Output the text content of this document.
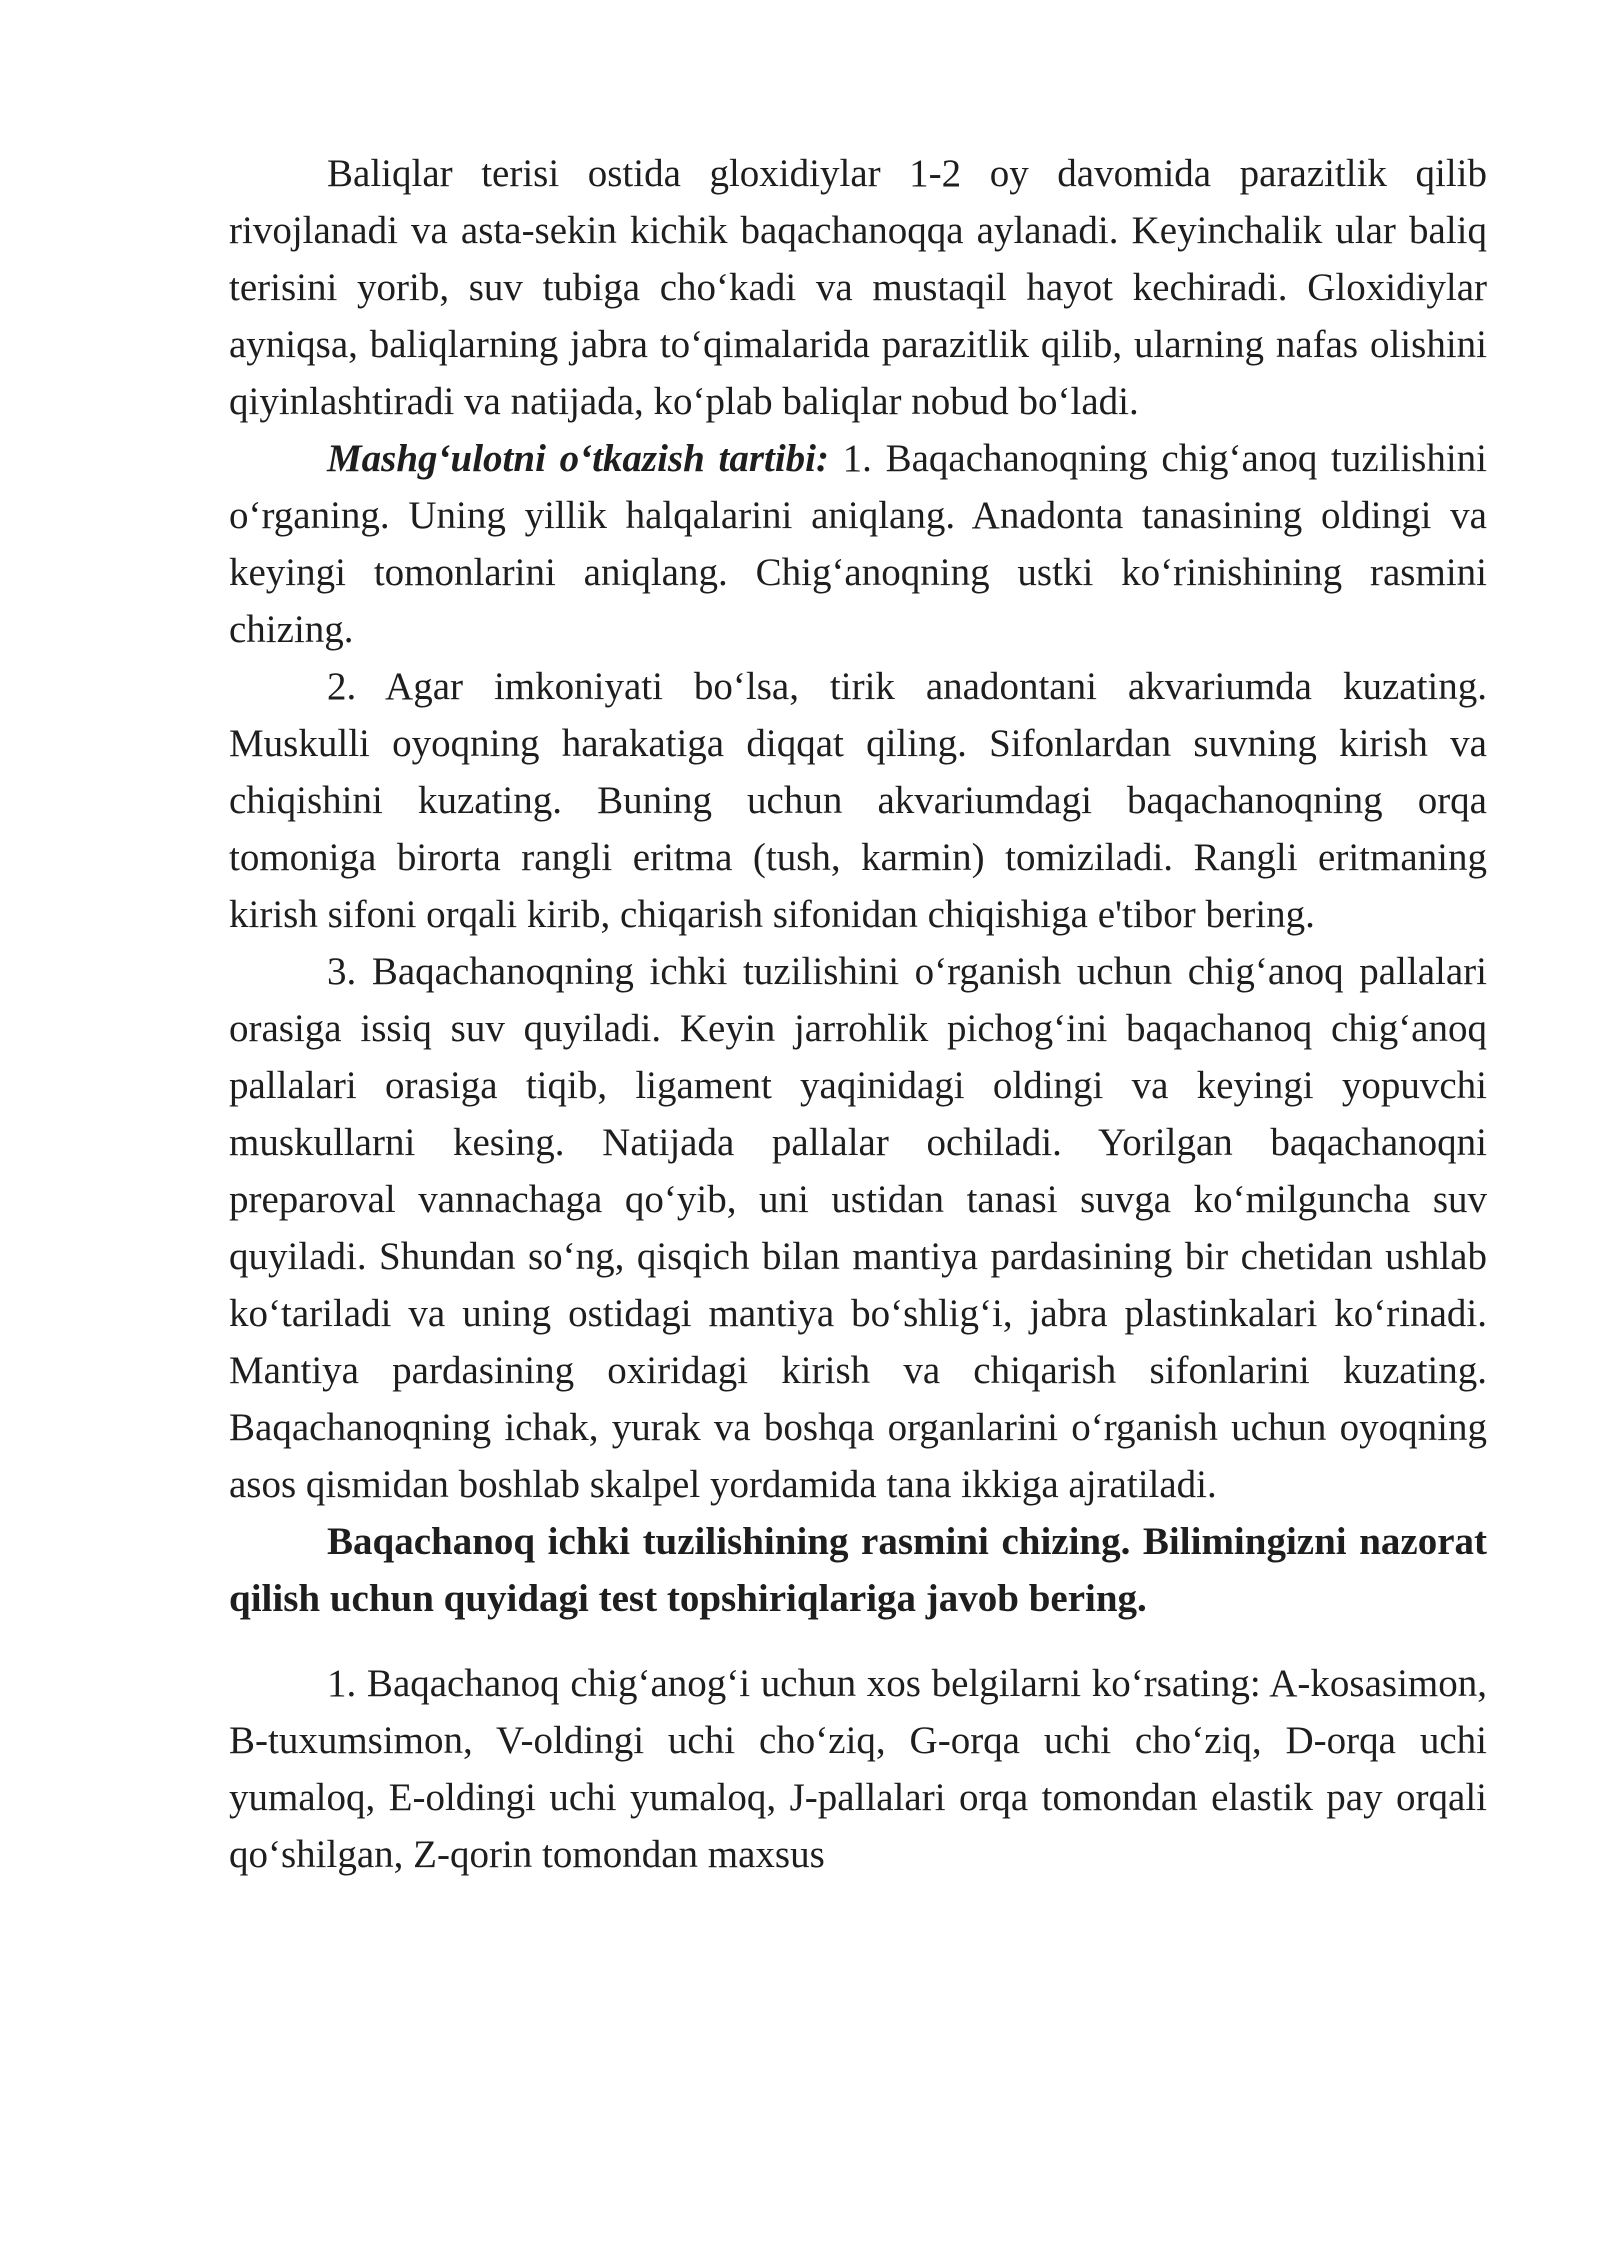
Baliqlar terisi ostida gloxidiylar 1-2 oy davomida parazitlik qilib rivojlanadi va asta-sekin kichik baqachanoqqa aylanadi. Keyinchalik ular baliq terisini yorib, suv tubiga cho‘kadi va mustaqil hayot kechiradi. Gloxidiylar ayniqsa, baliqlarning jabra to‘qimalarida parazitlik qilib, ularning nafas olishini qiyinlashtiradi va natijada, ko‘plab baliqlar nobud bo‘ladi.

Mashg‘ulotni o‘tkazish tartibi: 1. Baqachanoqning chig‘anoq tuzilishini o‘rganing. Uning yillik halqalarini aniqlang. Anadonta tanasining oldingi va keyingi tomonlarini aniqlang. Chig‘anoqning ustki ko‘rinishining rasmini chizing.

2. Agar imkoniyati bo‘lsa, tirik anadontani akvariumda kuzating. Muskulli oyoqning harakatiga diqqat qiling. Sifonlardan suvning kirish va chiqishini kuzating. Buning uchun akvariumdagi baqachanoqning orqa tomoniga birorta rangli eritma (tush, karmin) tomiziladi. Rangli eritmaning kirish sifoni orqali kirib, chiqarish sifonidan chiqishiga e'tibor bering.

3. Baqachanoqning ichki tuzilishini o‘rganish uchun chig‘anoq pallalari orasiga issiq suv quyiladi. Keyin jarrohlik pichog‘ini baqachanoq chig‘anoq pallalari orasiga tiqib, ligament yaqinidagi oldingi va keyingi yopuvchi muskullarni kesing. Natijada pallalar ochiladi. Yorilgan baqachanoqni preparoval vannachaga qo‘yib, uni ustidan tanasi suvga ko‘milguncha suv quyiladi. Shundan so‘ng, qisqich bilan mantiya pardasining bir chetidan ushlab ko‘tariladi va uning ostidagi mantiya bo‘shlig‘i, jabra plastinkalari ko‘rinadi. Mantiya pardasining oxiridagi kirish va chiqarish sifonlarini kuzating. Baqachanoqning ichak, yurak va boshqa organlarini o‘rganish uchun oyoqning asos qismidan boshlab skalpel yordamida tana ikkiga ajratiladi.

Baqachanoq ichki tuzilishining rasmini chizing. Bilimingizni nazorat qilish uchun quyidagi test topshiriqlariga javob bering.

1. Baqachanoq chig‘anog‘i uchun xos belgilarni ko‘rsating: A-kosasimon, B-tuxumsimon, V-oldingi uchi cho‘ziq, G-orqa uchi cho‘ziq, D-orqa uchi yumaloq, E-oldingi uchi yumaloq, J-pallalari orqa tomondan elastik pay orqali qo‘shilgan, Z-qorin tomondan maxsus
